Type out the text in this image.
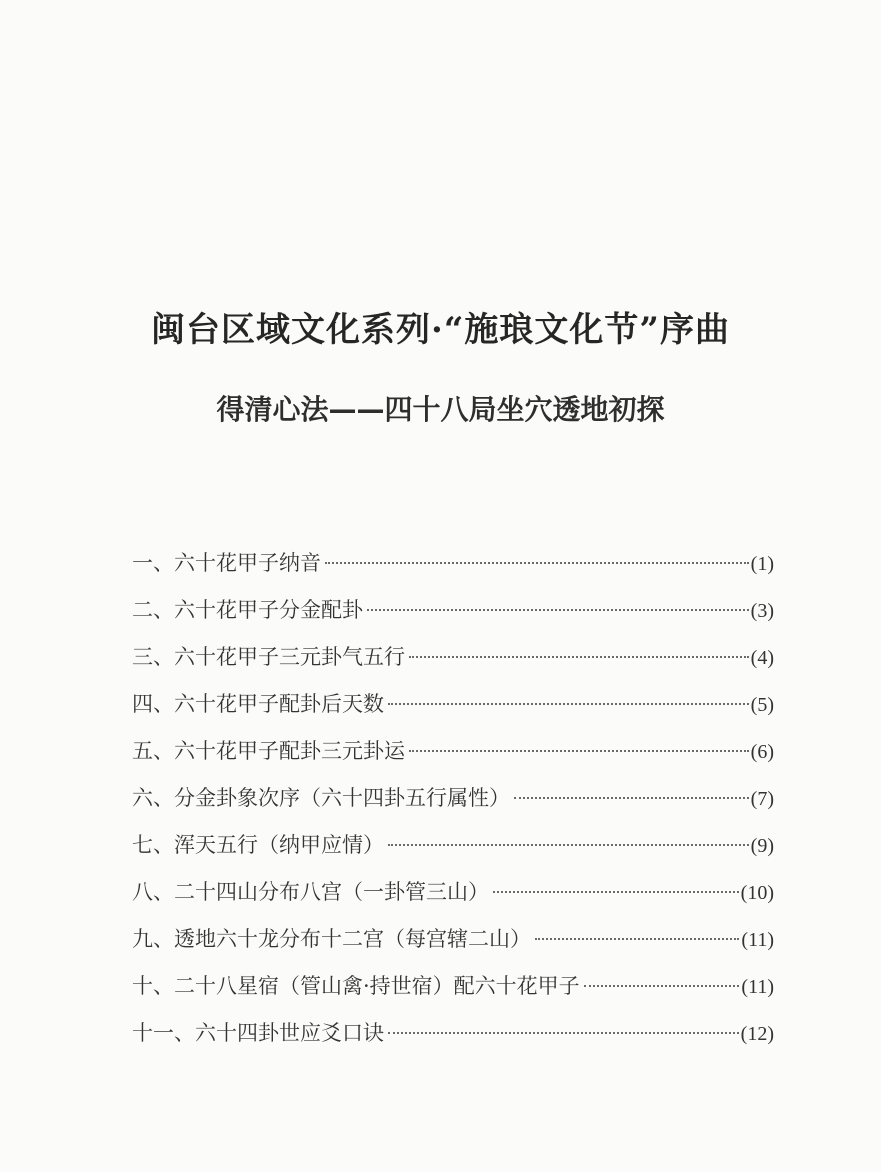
闽台区域文化系列·“施琅文化节”序曲
得清心法——四十八局坐穴透地初探
一、六十花甲子纳音	(1)
二、六十花甲子分金配卦	(3)
三、六十花甲子三元卦气五行	(4)
四、六十花甲子配卦后天数	(5)
五、六十花甲子配卦三元卦运	(6)
六、分金卦象次序（六十四卦五行属性）	(7)
七、浑天五行（纳甲应情）	(9)
八、二十四山分布八宫（一卦管三山）	(10)
九、透地六十龙分布十二宫（每宫辖二山）	(11)
十、二十八星宿（管山禽·持世宿）配六十花甲子	(11)
十一、六十四卦世应爻口诀	(12)
